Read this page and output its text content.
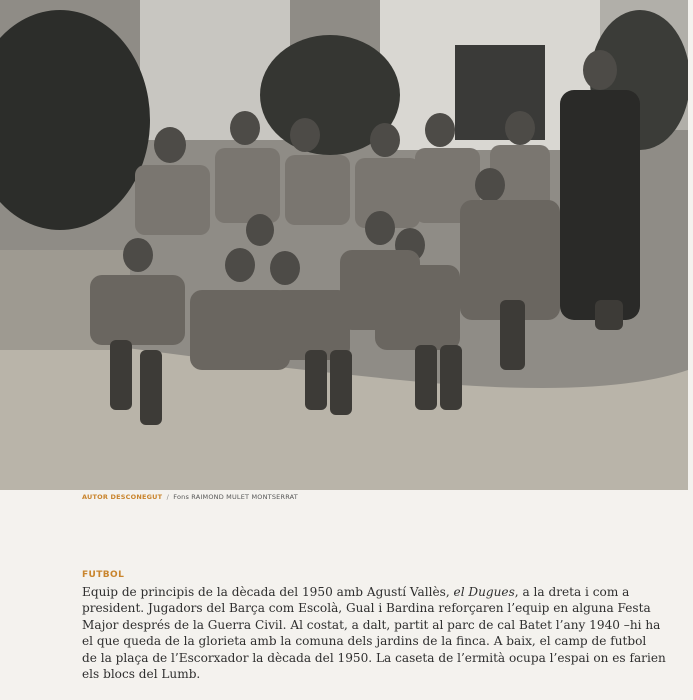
AUTOR DESCONEGUT / Fons RAIMOND MULET MONTSERRAT
FUTBOL

Equip de principis de la dècada del 1950 amb Agustí Vallès, el Dugues, a la dreta i com a
president. Jugadors del Barça com Escolà, Gual i Bardina reforçaren l’equip en alguna Festa
Major després de la Guerra Civil. Al costat, a dalt, partit al parc de cal Batet l’any 1940 –hi ha
el que queda de la glorieta amb la comuna dels jardins de la finca. A baix, el camp de futbol
de la plaça de l’Escorxador la dècada del 1950. La caseta de l’ermità ocupa l’espai on es farien
els blocs del Lumb.
